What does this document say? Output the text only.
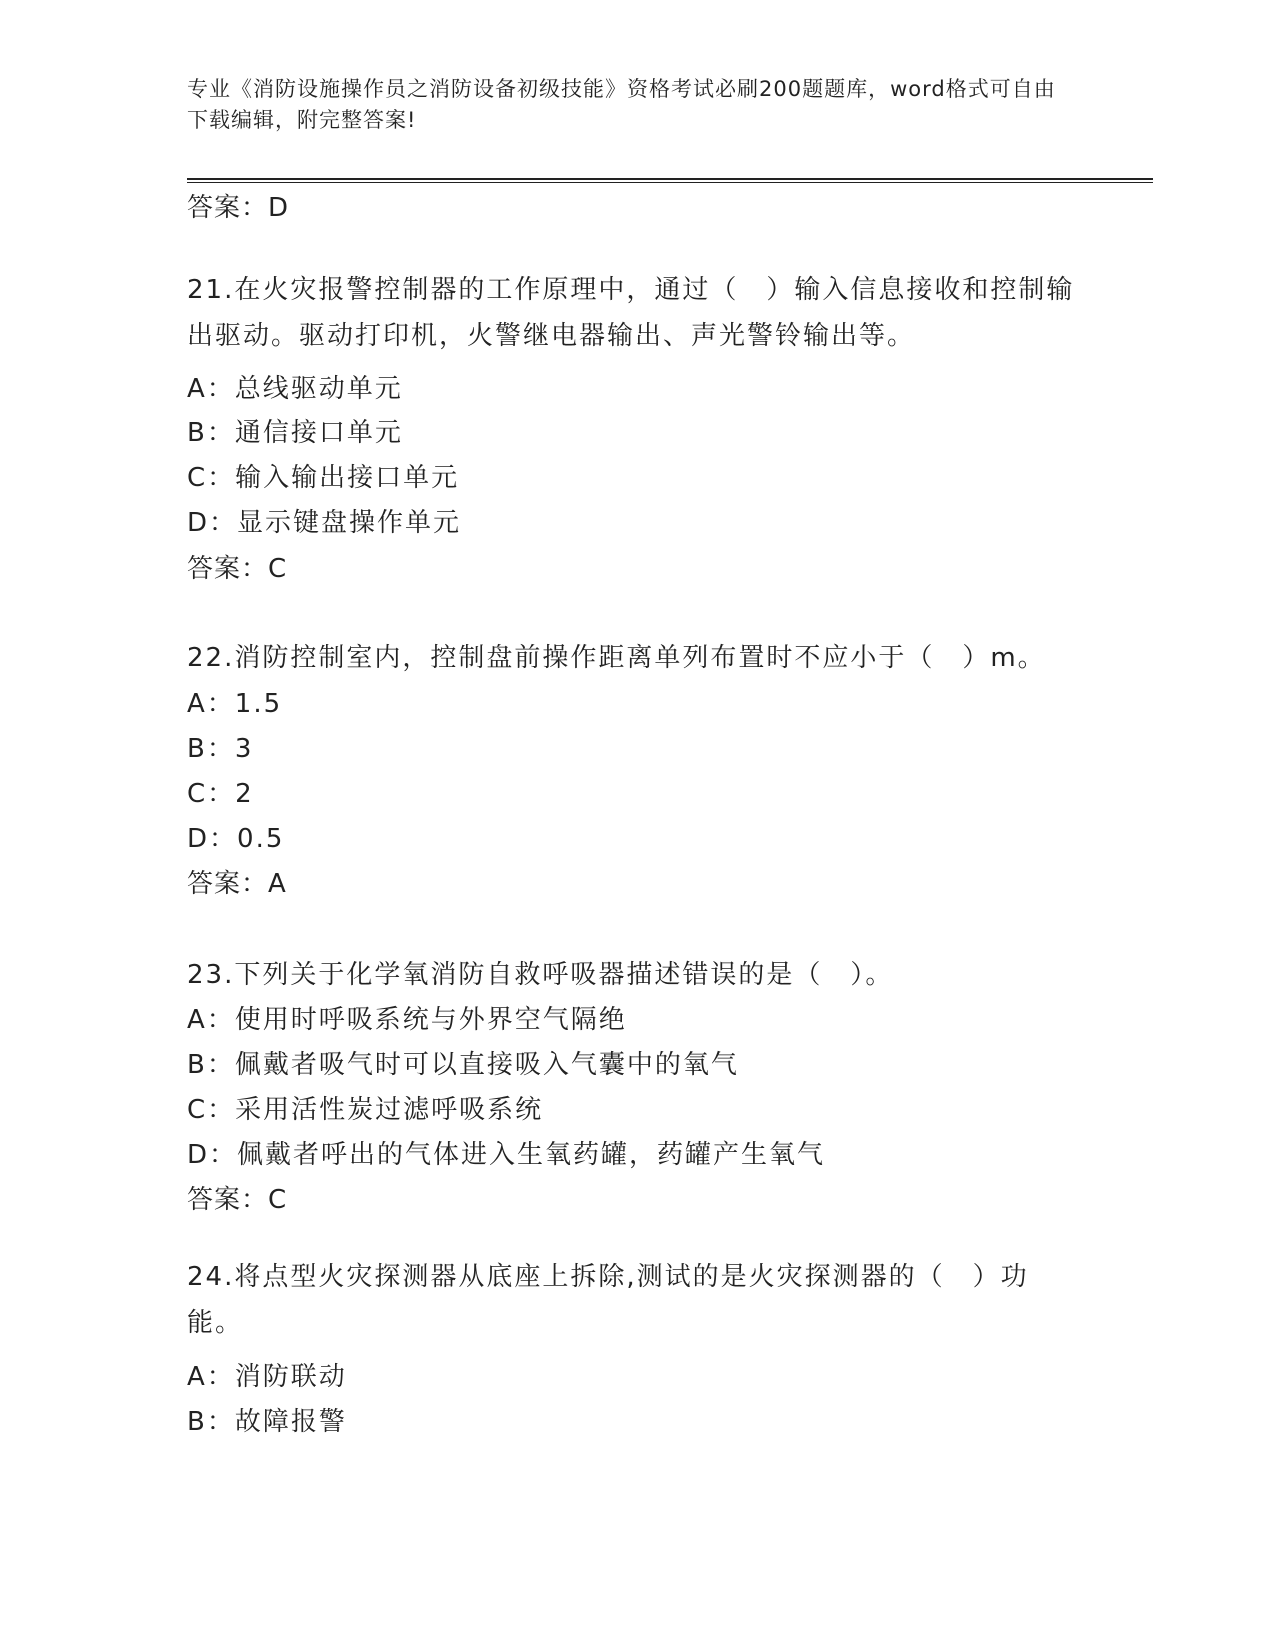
专业《消防设施操作员之消防设备初级技能》资格考试必刷200题题库，word格式可自由下载编辑，附完整答案!
答案：D
21.在火灾报警控制器的工作原理中，通过（　）输入信息接收和控制输出驱动。驱动打印机，火警继电器输出、声光警铃输出等。
A：总线驱动单元
B：通信接口单元
C：输入输出接口单元
D：显示键盘操作单元
答案：C
22.消防控制室内，控制盘前操作距离单列布置时不应小于（　）m。
A：1.5
B：3
C：2
D：0.5
答案：A
23.下列关于化学氧消防自救呼吸器描述错误的是（　）。
A：使用时呼吸系统与外界空气隔绝
B：佩戴者吸气时可以直接吸入气囊中的氧气
C：采用活性炭过滤呼吸系统
D：佩戴者呼出的气体进入生氧药罐，药罐产生氧气
答案：C
24.将点型火灾探测器从底座上拆除,测试的是火灾探测器的（　）功能。
A：消防联动
B：故障报警
